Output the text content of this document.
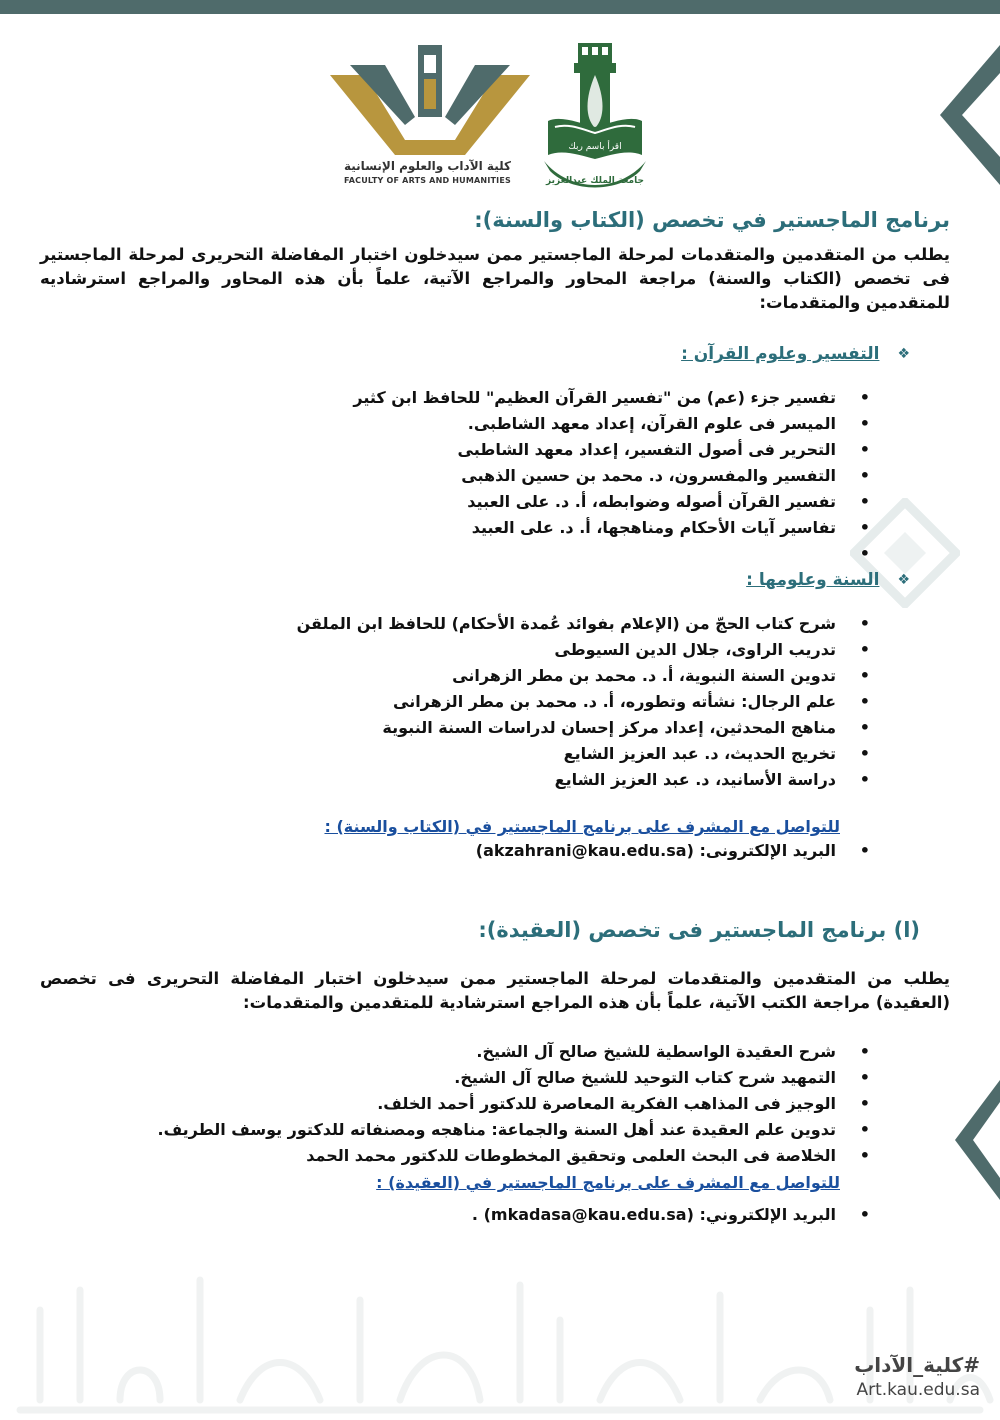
كلية الآداب والعلوم الإنسانية
FACULTY OF ARTS AND HUMANITIES
اقرأ باسم ربك
جامعة الملك عبدالعزيز
برنامج الماجستير في تخصص (الكتاب والسنة):

يطلب من المتقدمين والمتقدمات لمرحلة الماجستير ممن سيدخلون اختبار المفاضلة التحريرى لمرحلة الماجستير فى تخصص (الكتاب والسنة) مراجعة المحاور والمراجع الآتية، علماً بأن هذه المحاور والمراجع استرشاديه للمتقدمين والمتقدمات:

❖
التفسير وعلوم القرآن :
•
تفسير جزء (عم) من "تفسير القرآن العظيم" للحافظ ابن كثير
•
الميسر فى علوم القرآن، إعداد معهد الشاطبى.
•
التحرير فى أصول التفسير، إعداد معهد الشاطبى
•
التفسير والمفسرون، د. محمد بن حسين الذهبى
•
تفسير القرآن أصوله وضوابطه، أ. د. على العبيد
•
تفاسير آيات الأحكام ومناهجها، أ. د. على العبيد
•

❖
السنة وعلومها :
•
شرح كتاب الحجّ من (الإعلام بفوائد عُمدة الأحكام) للحافظ ابن الملقن
•
تدريب الراوى، جلال الدين السيوطى
•
تدوين السنة النبوية، أ. د. محمد بن مطر الزهرانى
•
علم الرجال: نشأته وتطوره، أ. د. محمد بن مطر الزهرانى
•
مناهج المحدثين، إعداد مركز إحسان لدراسات السنة النبوية
•
تخريج الحديث، د. عبد العزيز الشايع
•
دراسة الأسانيد، د. عبد العزيز الشايع
للتواصل مع المشرف على برنامج الماجستير في (الكتاب والسنة) :
•
البريد الإلكترونى: (akzahrani@kau.edu.sa)
(ا) برنامج الماجستير فى تخصص (العقيدة):

يطلب من المتقدمين والمتقدمات لمرحلة الماجستير ممن سيدخلون اختبار المفاضلة التحريرى فى تخصص (العقيدة) مراجعة الكتب الآتية، علماً بأن هذه المراجع استرشادية للمتقدمين والمتقدمات:

•
شرح العقيدة الواسطية للشيخ صالح آل الشيخ.
•
التمهيد شرح كتاب التوحيد للشيخ صالح آل الشيخ.
•
الوجيز فى المذاهب الفكرية المعاصرة للدكتور أحمد الخلف.
•
تدوين علم العقيدة عند أهل السنة والجماعة: مناهجه ومصنفاته للدكتور يوسف الطريف.
•
الخلاصة فى البحث العلمى وتحقيق المخطوطات للدكتور محمد الحمد
للتواصل مع المشرف على برنامج الماجستير في (العقيدة) :
•
البريد الإلكتروني: (mkadasa@kau.edu.sa) .
#كلية_الآداب
Art.kau.edu.sa
